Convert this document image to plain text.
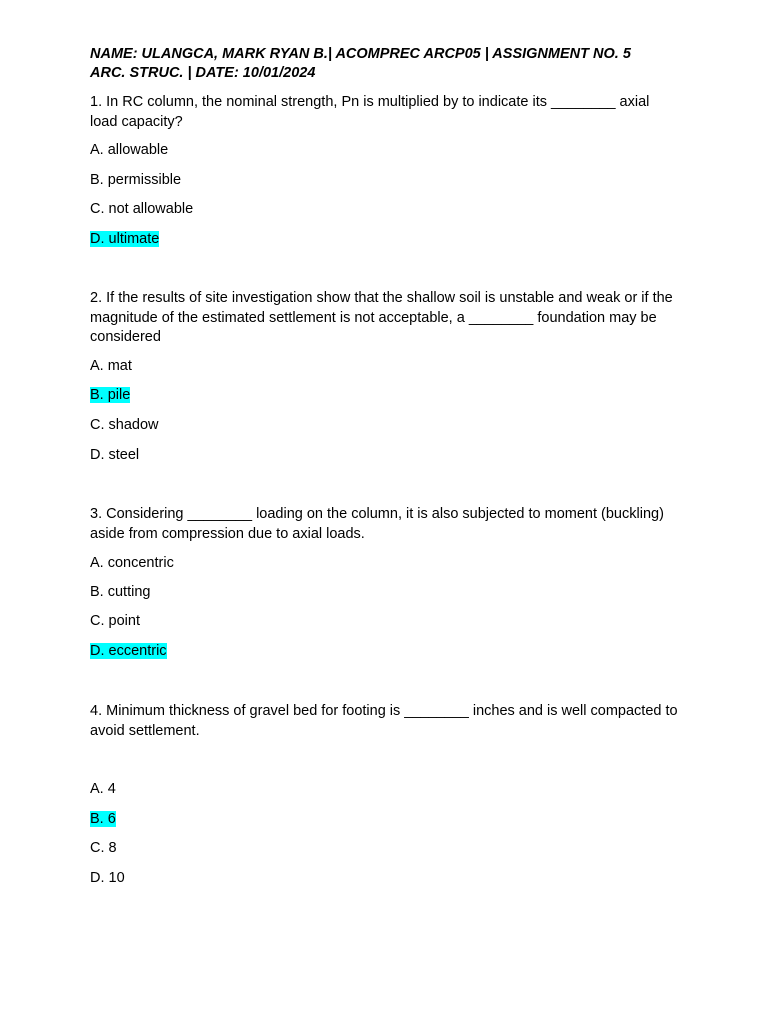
NAME: ULANGCA, MARK RYAN B.| ACOMPREC ARCP05 | ASSIGNMENT NO. 5
ARC. STRUC. | DATE: 10/01/2024
1. In RC column, the nominal strength, Pn is multiplied by to indicate its ________ axial load capacity?
A. allowable
B. permissible
C. not allowable
D. ultimate
2. If the results of site investigation show that the shallow soil is unstable and weak or if the magnitude of the estimated settlement is not acceptable, a ________ foundation may be considered
A. mat
B. pile
C. shadow
D. steel
3. Considering ________ loading on the column, it is also subjected to moment (buckling) aside from compression due to axial loads.
A. concentric
B. cutting
C. point
D. eccentric
4. Minimum thickness of gravel bed for footing is ________ inches and is well compacted to avoid settlement.
A. 4
B. 6
C. 8
D. 10
